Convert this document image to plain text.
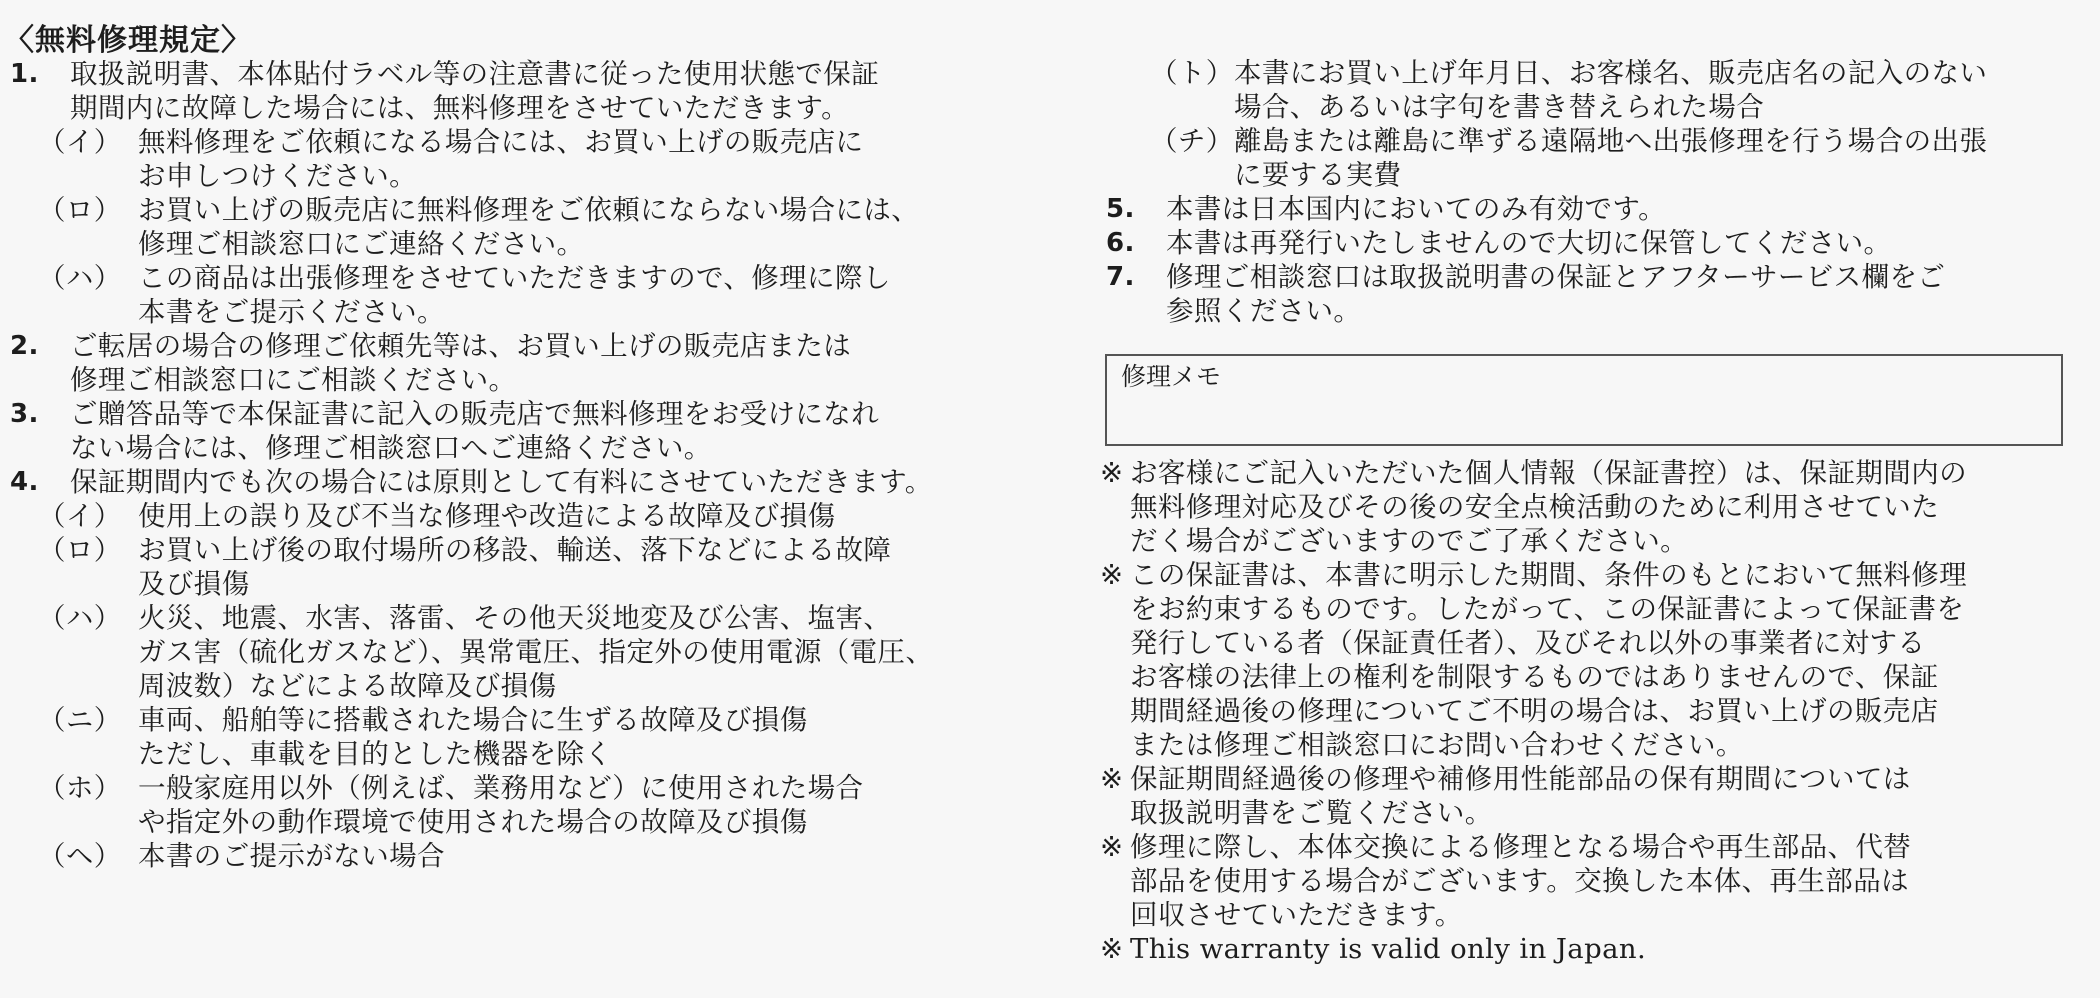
〈無料修理規定〉
1.	取扱説明書、本体貼付ラベル等の注意書に従った使用状態で保証
期間内に故障した場合には、無料修理をさせていただきます。
（イ） 無料修理をご依頼になる場合には、お買い上げの販売店に
お申しつけください。
（ロ） お買い上げの販売店に無料修理をご依頼にならない場合には、
修理ご相談窓口にご連絡ください。
（ハ） この商品は出張修理をさせていただきますので、修理に際し
本書をご提示ください。
2.	ご転居の場合の修理ご依頼先等は、お買い上げの販売店または
修理ご相談窓口にご相談ください。
3.	ご贈答品等で本保証書に記入の販売店で無料修理をお受けになれ
ない場合には、修理ご相談窓口へご連絡ください。
4.	保証期間内でも次の場合には原則として有料にさせていただきます。
（イ） 使用上の誤り及び不当な修理や改造による故障及び損傷
（ロ） お買い上げ後の取付場所の移設、輸送、落下などによる故障
及び損傷
（ハ） 火災、地震、水害、落雷、その他天災地変及び公害、塩害、
ガス害（硫化ガスなど）、異常電圧、指定外の使用電源（電圧、
周波数）などによる故障及び損傷
（ニ） 車両、船舶等に搭載された場合に生ずる故障及び損傷
ただし、車載を目的とした機器を除く
（ホ） 一般家庭用以外（例えば、業務用など）に使用された場合
や指定外の動作環境で使用された場合の故障及び損傷
（ヘ） 本書のご提示がない場合
（ト） 本書にお買い上げ年月日、お客様名、販売店名の記入のない
場合、あるいは字句を書き替えられた場合
（チ） 離島または離島に準ずる遠隔地へ出張修理を行う場合の出張
に要する実費
5.	本書は日本国内においてのみ有効です。
6.	本書は再発行いたしませんので大切に保管してください。
7.	修理ご相談窓口は取扱説明書の保証とアフターサービス欄をご
参照ください。
修理メモ
※ お客様にご記入いただいた個人情報（保証書控）は、保証期間内の
無料修理対応及びその後の安全点検活動のために利用させていた
だく場合がございますのでご了承ください。
※ この保証書は、本書に明示した期間、条件のもとにおいて無料修理
をお約束するものです。したがって、この保証書によって保証書を
発行している者（保証責任者）、及びそれ以外の事業者に対する
お客様の法律上の権利を制限するものではありませんので、保証
期間経過後の修理についてご不明の場合は、お買い上げの販売店
または修理ご相談窓口にお問い合わせください。
※ 保証期間経過後の修理や補修用性能部品の保有期間については
取扱説明書をご覧ください。
※ 修理に際し、本体交換による修理となる場合や再生部品、代替
部品を使用する場合がございます。交換した本体、再生部品は
回収させていただきます。
※ This warranty is valid only in Japan.
